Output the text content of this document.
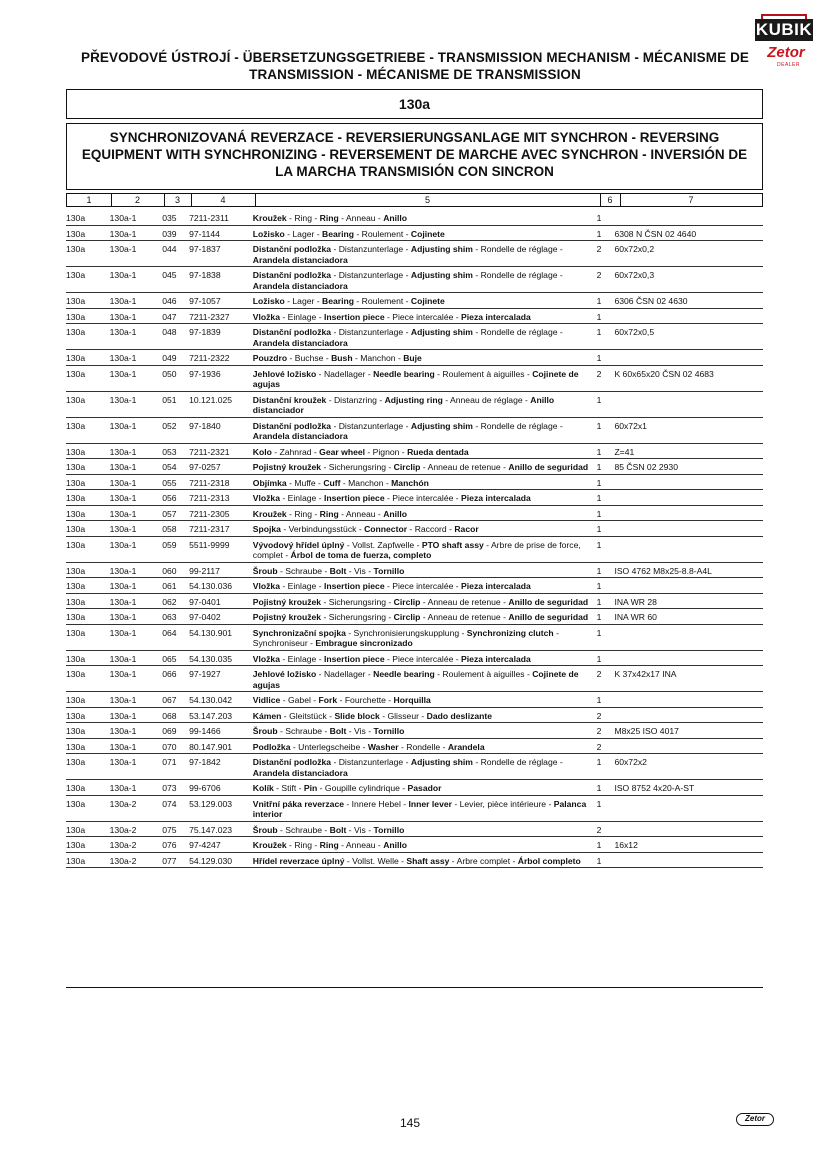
PŘEVODOVÉ ÚSTROJÍ - ÜBERSETZUNGSGETRIEBE - TRANSMISSION MECHANISM - MÉCANISME DE
TRANSMISSION - MÉCANISME DE TRANSMISSION
KUBIK
Zetor
DEALER
130a
SYNCHRONIZOVANÁ REVERZACE - REVERSIERUNGSANLAGE MIT SYNCHRON - REVERSING
EQUIPMENT WITH SYNCHRONIZING - REVERSEMENT DE MARCHE AVEC SYNCHRON - INVERSIÓN DE
LA MARCHA TRANSMISIÓN CON SINCRON
1	2	3	4	5	6	7
130a	130a-1	035	7211-2311	Kroužek - Ring - Ring - Anneau - Anillo	1	
130a	130a-1	039	97-1144	Ložisko - Lager - Bearing - Roulement - Cojinete	1	6308 N ČSN 02 4640
130a	130a-1	044	97-1837	Distanční podložka - Distanzunterlage - Adjusting shim - Rondelle de réglage - Arandela distanciadora	2	60x72x0,2
130a	130a-1	045	97-1838	Distanční podložka - Distanzunterlage - Adjusting shim - Rondelle de réglage - Arandela distanciadora	2	60x72x0,3
130a	130a-1	046	97-1057	Ložisko - Lager - Bearing - Roulement - Cojinete	1	6306 ČSN 02 4630
130a	130a-1	047	7211-2327	Vložka - Einlage - Insertion piece - Piece intercalée - Pieza intercalada	1	
130a	130a-1	048	97-1839	Distanční podložka - Distanzunterlage - Adjusting shim - Rondelle de réglage - Arandela distanciadora	1	60x72x0,5
130a	130a-1	049	7211-2322	Pouzdro - Buchse - Bush - Manchon - Buje	1	
130a	130a-1	050	97-1936	Jehlové ložisko - Nadellager - Needle bearing - Roulement à aiguilles - Cojinete de agujas	2	K 60x65x20 ČSN 02 4683
130a	130a-1	051	10.121.025	Distanční kroužek - Distanzring - Adjusting ring - Anneau de réglage - Anillo distanciador	1	
130a	130a-1	052	97-1840	Distanční podložka - Distanzunterlage - Adjusting shim - Rondelle de réglage - Arandela distanciadora	1	60x72x1
130a	130a-1	053	7211-2321	Kolo - Zahnrad - Gear wheel - Pignon - Rueda dentada	1	Z=41
130a	130a-1	054	97-0257	Pojistný kroužek - Sicherungsring - Circlip - Anneau de retenue - Anillo de seguridad	1	85 ČSN 02 2930
130a	130a-1	055	7211-2318	Objímka - Muffe - Cuff - Manchon - Manchón	1	
130a	130a-1	056	7211-2313	Vložka - Einlage - Insertion piece - Piece intercalée - Pieza intercalada	1	
130a	130a-1	057	7211-2305	Kroužek - Ring - Ring - Anneau - Anillo	1	
130a	130a-1	058	7211-2317	Spojka - Verbindungsstück - Connector - Raccord - Racor	1	
130a	130a-1	059	5511-9999	Vývodový hřídel úplný - Vollst. Zapfwelle - PTO shaft assy - Arbre de prise de force, complet - Árbol de toma de fuerza, completo	1	
130a	130a-1	060	99-2117	Šroub - Schraube - Bolt - Vis - Tornillo	1	ISO 4762 M8x25-8.8-A4L
130a	130a-1	061	54.130.036	Vložka - Einlage - Insertion piece - Piece intercalée - Pieza intercalada	1	
130a	130a-1	062	97-0401	Pojistný kroužek - Sicherungsring - Circlip - Anneau de retenue - Anillo de seguridad	1	INA WR 28
130a	130a-1	063	97-0402	Pojistný kroužek - Sicherungsring - Circlip - Anneau de retenue - Anillo de seguridad	1	INA WR 60
130a	130a-1	064	54.130.901	Synchronizační spojka - Synchronisierungskupplung - Synchronizing clutch - Synchroniseur - Embrague sincronizado	1	
130a	130a-1	065	54.130.035	Vložka - Einlage - Insertion piece - Piece intercalée - Pieza intercalada	1	
130a	130a-1	066	97-1927	Jehlové ložisko - Nadellager - Needle bearing - Roulement à aiguilles - Cojinete de agujas	2	K 37x42x17 INA
130a	130a-1	067	54.130.042	Vidlice - Gabel - Fork - Fourchette - Horquilla	1	
130a	130a-1	068	53.147.203	Kámen - Gleitstück - Slide block - Glisseur - Dado deslizante	2	
130a	130a-1	069	99-1466	Šroub - Schraube - Bolt - Vis - Tornillo	2	M8x25 ISO 4017
130a	130a-1	070	80.147.901	Podložka - Unterlegscheibe - Washer - Rondelle - Arandela	2	
130a	130a-1	071	97-1842	Distanční podložka - Distanzunterlage - Adjusting shim - Rondelle de réglage - Arandela distanciadora	1	60x72x2
130a	130a-1	073	99-6706	Kolík - Stift - Pin - Goupille cylindrique - Pasador	1	ISO 8752 4x20-A-ST
130a	130a-2	074	53.129.003	Vnitřní páka reverzace - Innere Hebel - Inner lever - Levier, pièce intérieure - Palanca interior	1	
130a	130a-2	075	75.147.023	Šroub - Schraube - Bolt - Vis - Tornillo	2	
130a	130a-2	076	97-4247	Kroužek - Ring - Ring - Anneau - Anillo	1	16x12
130a	130a-2	077	54.129.030	Hřídel reverzace úplný - Vollst. Welle - Shaft assy - Arbre complet - Árbol completo	1	
145	Zetor
